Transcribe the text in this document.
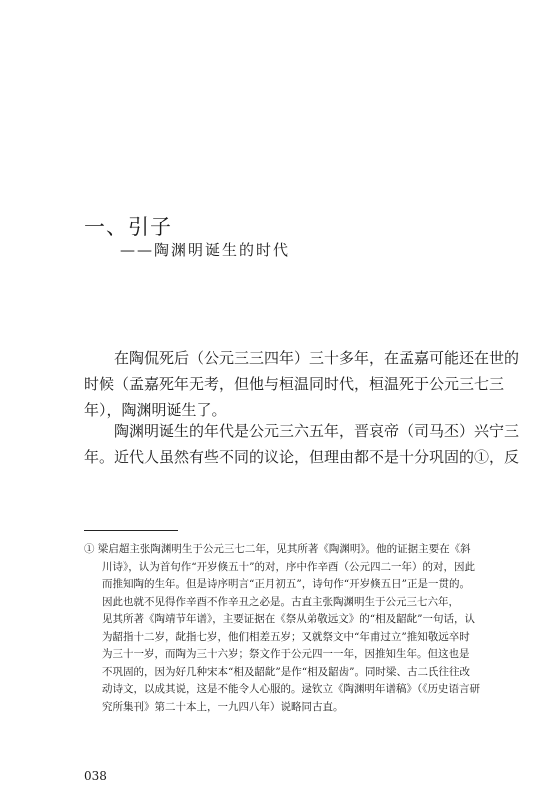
一、引子
——陶渊明诞生的时代

　　在陶侃死后（公元三三四年）三十多年，在孟嘉可能还在世的
时候（孟嘉死年无考，但他与桓温同时代，桓温死于公元三七三
年），陶渊明诞生了。

　　陶渊明诞生的年代是公元三六五年，晋哀帝（司马丕）兴宁三
年。近代人虽然有些不同的议论，但理由都不是十分巩固的①，反

① 梁启超主张陶渊明生于公元三七二年，见其所著《陶渊明》。他的证据主要在《斜
川诗》，认为首句作“开岁倏五十”的对，序中作辛酉（公元四二一年）的对，因此
而推知陶的生年。但是诗序明言“正月初五”，诗句作“开岁倏五日”正是一贯的。
因此也就不见得作辛酉不作辛丑之必是。古直主张陶渊明生于公元三七六年，
见其所著《陶靖节年谱》，主要证据在《祭从弟敬远文》的“相及龆龀”一句话，认
为龆指十二岁，龀指七岁，他们相差五岁；又就祭文中“年甫过立”推知敬远卒时
为三十一岁，而陶为三十六岁；祭文作于公元四一一年，因推知生年。但这也是
不巩固的，因为好几种宋本“相及龆龀”是作“相及龆齿”。同时梁、古二氏往往改
动诗文，以成其说，这是不能令人心服的。逯钦立《陶渊明年谱稿》（《历史语言研
究所集刊》第二十本上，一九四八年）说略同古直。
038
